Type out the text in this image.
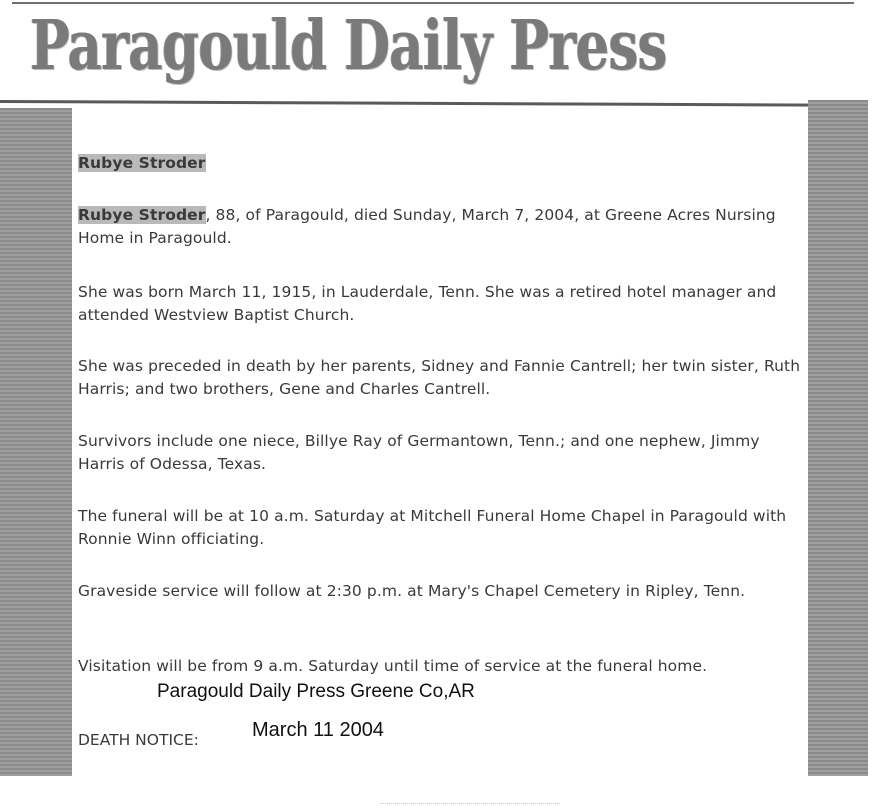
Paragould Daily Press

Rubye Stroder
Rubye Stroder, 88, of Paragould, died Sunday, March 7, 2004, at Greene Acres Nursing Home in Paragould.
She was born March 11, 1915, in Lauderdale, Tenn. She was a retired hotel manager and attended Westview Baptist Church.
She was preceded in death by her parents, Sidney and Fannie Cantrell; her twin sister, Ruth Harris; and two brothers, Gene and Charles Cantrell.
Survivors include one niece, Billye Ray of Germantown, Tenn.; and one nephew, Jimmy Harris of Odessa, Texas.
The funeral will be at 10 a.m. Saturday at Mitchell Funeral Home Chapel in Paragould with Ronnie Winn officiating.
Graveside service will follow at 2:30 p.m. at Mary's Chapel Cemetery in Ripley, Tenn.
Visitation will be from 9 a.m. Saturday until time of service at the funeral home.
Paragould Daily Press Greene Co,AR
DEATH NOTICE:	March 11 2004
